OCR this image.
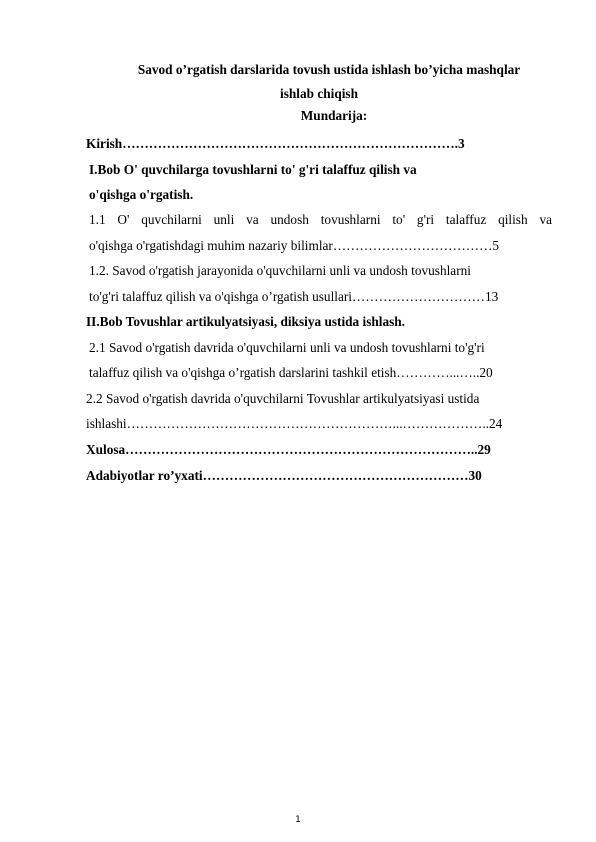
Savod o’rgatish darslarida tovush ustida ishlash bo’yicha mashqlar
ishlab chiqish
Mundarija:
Kirish………………………………………………………………….3
I.Bob O' quvchilarga tovushlarni to' g'ri talaffuz qilish va
o'qishga o'rgatish.
1.1 O' quvchilarni unli va undosh tovushlarni to' g'ri talaffuz qilish va
o'qishga o'rgatishdagi muhim nazariy bilimlar………………………………5
1.2. Savod o'rgatish jarayonida o'quvchilarni unli va undosh tovushlarni
to'g'ri talaffuz qilish va o'qishga o’rgatish usullari…………………………13
II.Bob Tovushlar artikulyatsiyasi, diksiya ustida ishlash.
2.1 Savod o'rgatish davrida o'quvchilarni unli va undosh tovushlarni to'g'ri
talaffuz qilish va o'qishga o’rgatish darslarini tashkil etish…………...…..20
2.2 Savod o'rgatish davrida o'quvchilarni Tovushlar artikulyatsiyasi ustida
ishlashi……………………………………………………...………………..24
Xulosa……………………………………………………………………..29
Adabiyotlar ro’yxati……………………………………………………30
1
